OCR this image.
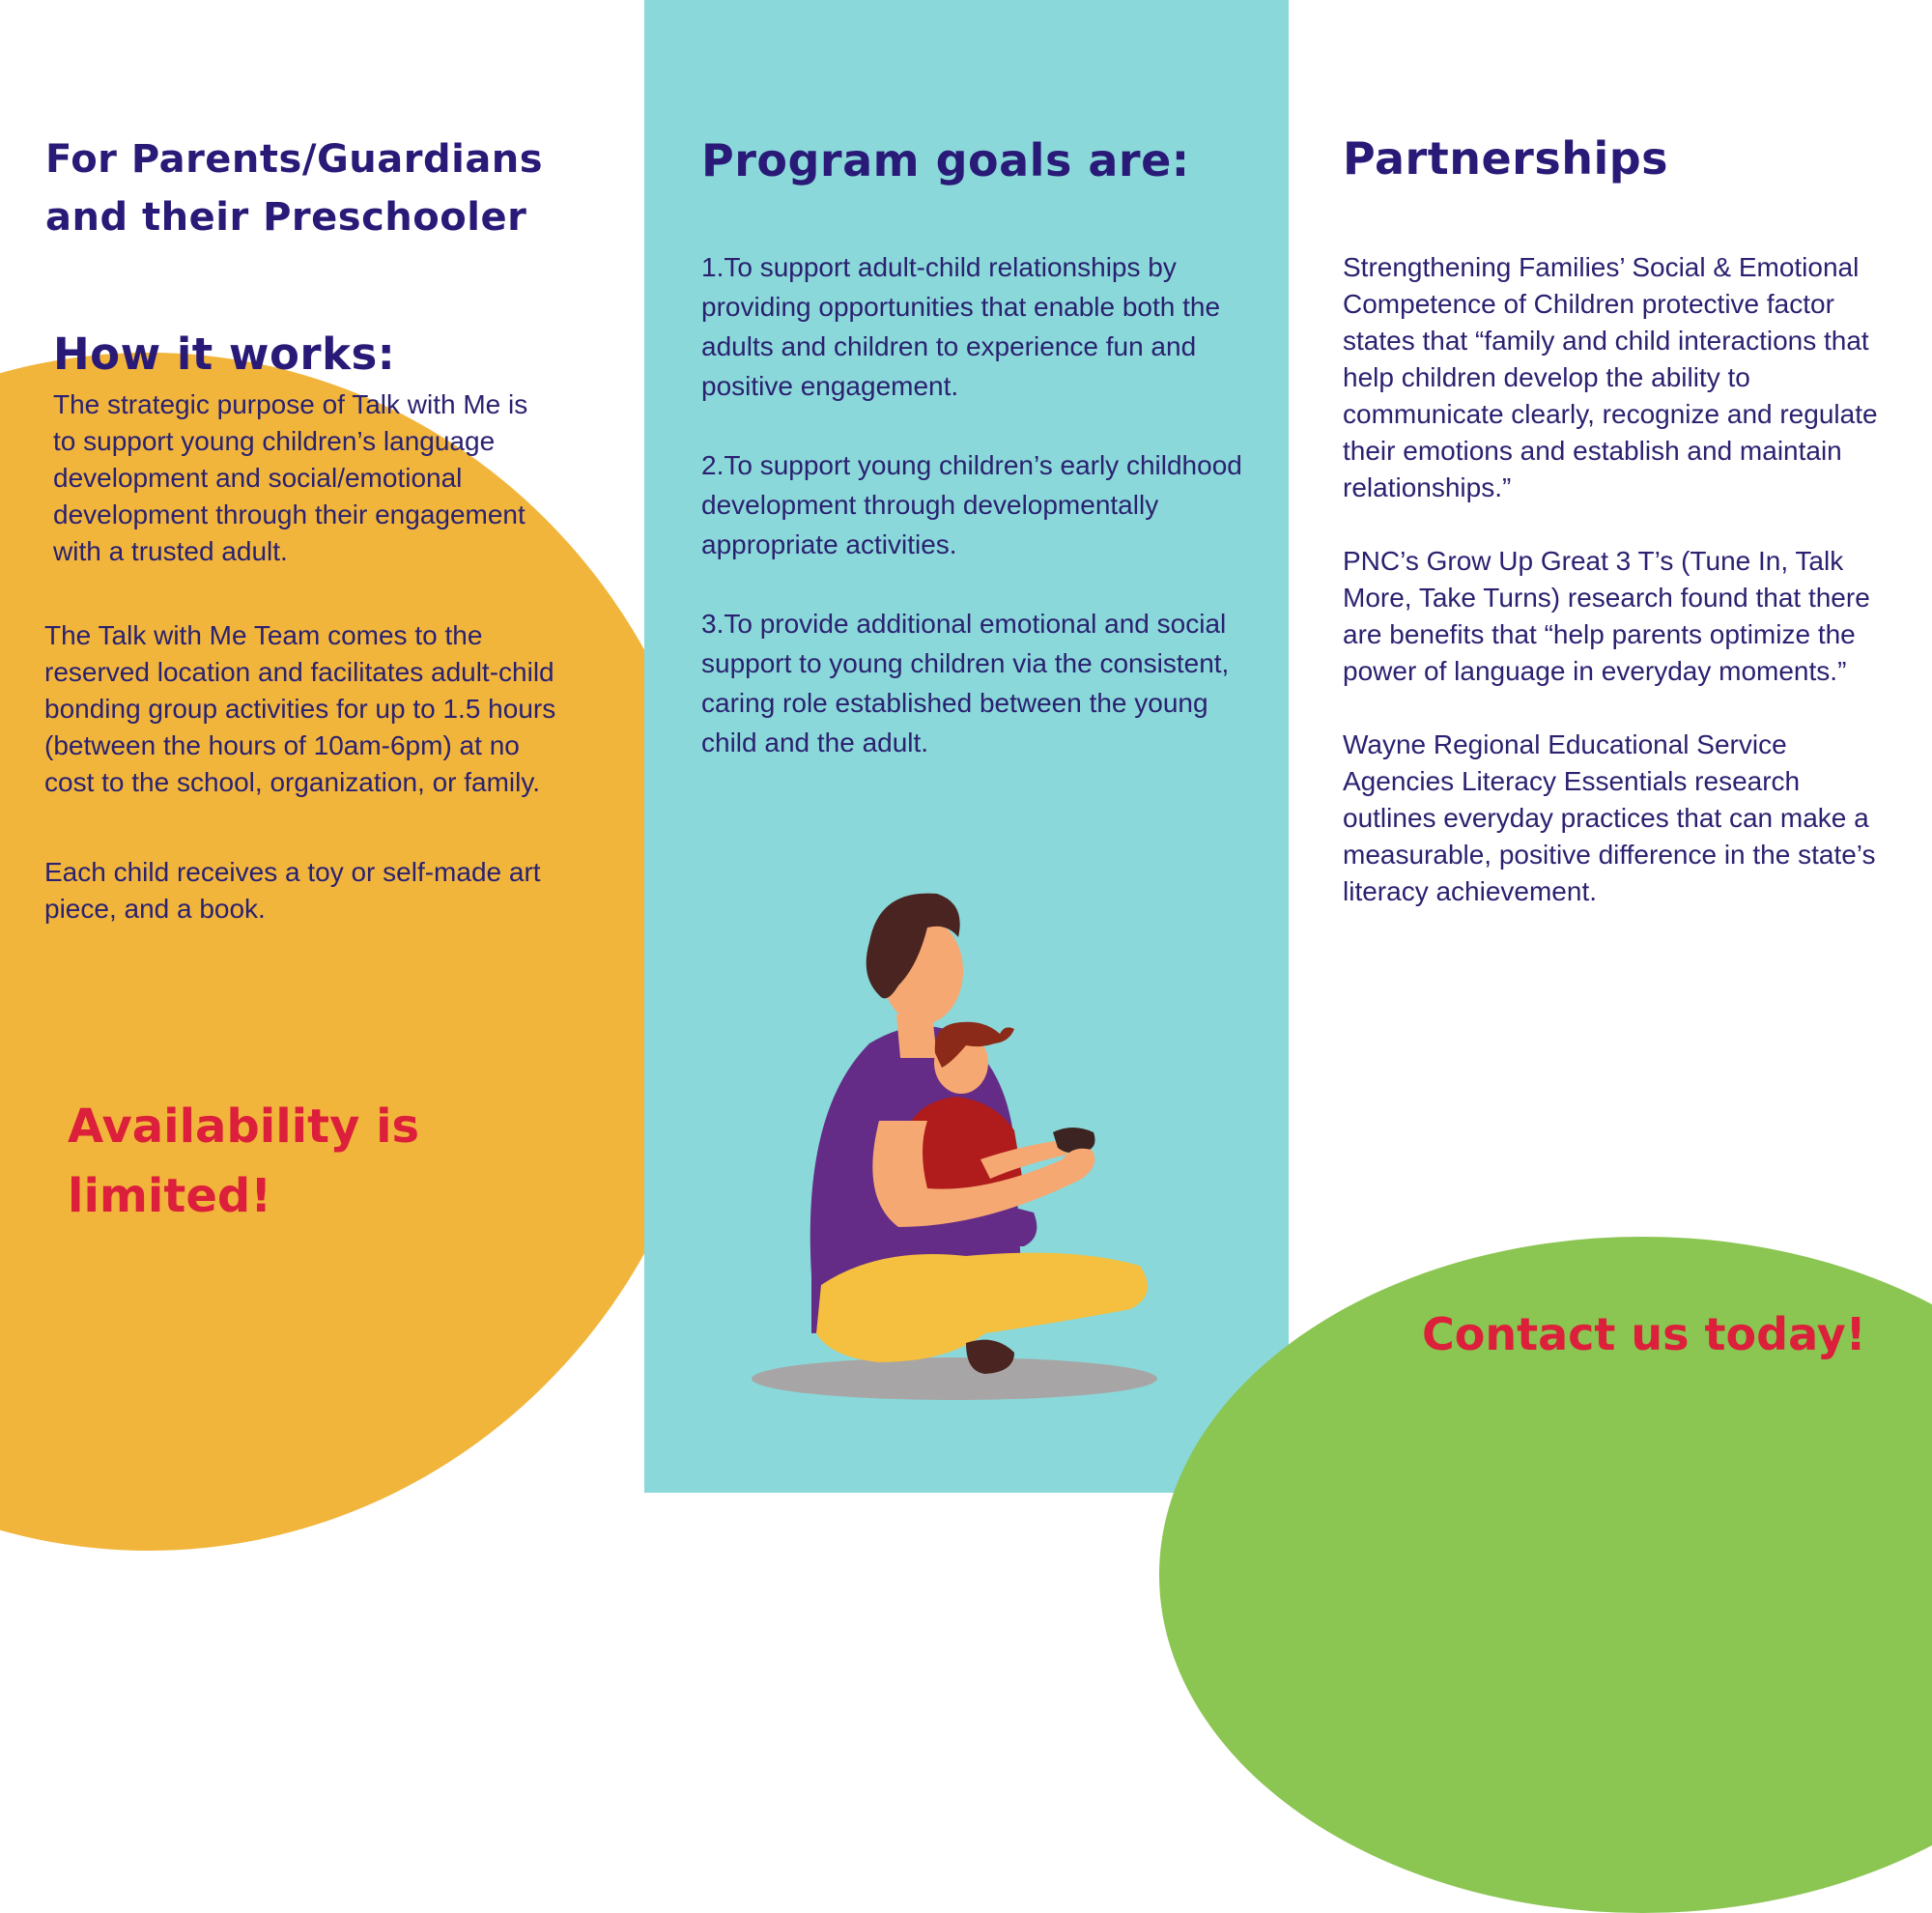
For Parents/Guardians
and their Preschooler
How it works:

The strategic purpose of Talk with Me is to support young children’s language development and social/emotional development through their engagement with a trusted adult.

The Talk with Me Team comes to the reserved location and facilitates adult-child bonding group activities for up to 1.5 hours (between the hours of 10am-6pm) at no cost to the school, organization, or family.

Each child receives a toy or self-made art piece, and a book.

Availability is
limited!
Program goals are:

1.To support adult-child relationships by providing opportunities that enable both the adults and children to experience fun and positive engagement.

2.To support young children’s early childhood development through developmentally appropriate activities.

3.To provide additional emotional and social support to young children via the consistent, caring role established between the young child and the adult.

Partnerships

Strengthening Families’ Social & Emotional Competence of Children protective factor states that “family and child interactions that help children develop the ability to communicate clearly, recognize and regulate their emotions and establish and maintain relationships.”

PNC’s Grow Up Great 3 T’s (Tune In, Talk More, Take Turns) research found that there are benefits that “help parents optimize the power of language in everyday moments.”

Wayne Regional Educational Service Agencies Literacy Essentials research outlines everyday practices that can make a measurable, positive difference in the state’s literacy achievement.

Contact us today!
